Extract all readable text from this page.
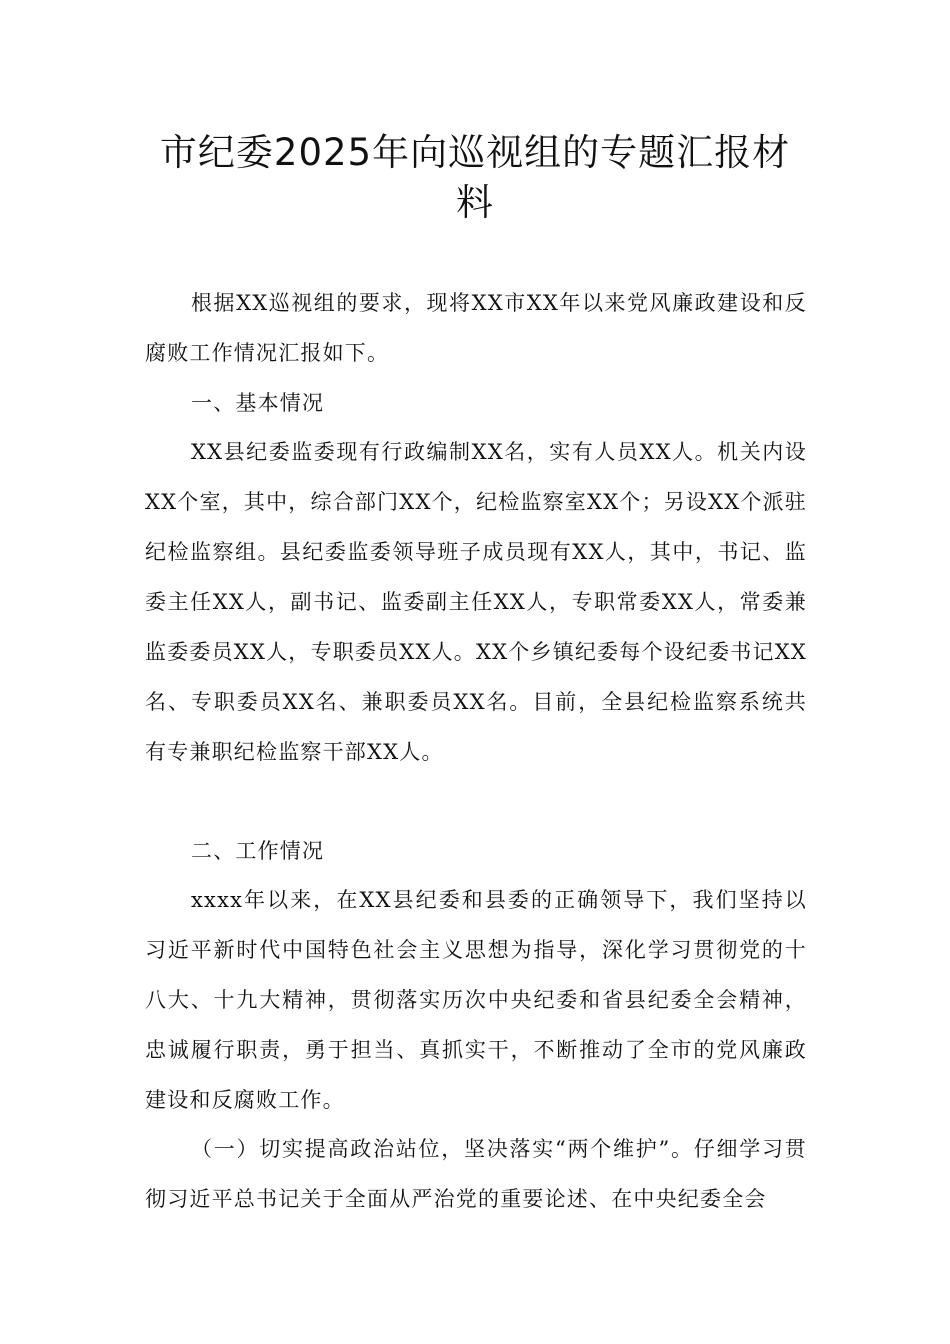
市纪委2025年向巡视组的专题汇报材料

根据XX巡视组的要求，现将XX市XX年以来党风廉政建设和反腐败工作情况汇报如下。

一、基本情况

XX县纪委监委现有行政编制XX名，实有人员XX人。机关内设XX个室，其中，综合部门XX个，纪检监察室XX个；另设XX个派驻纪检监察组。县纪委监委领导班子成员现有XX人，其中，书记、监委主任XX人，副书记、监委副主任XX人，专职常委XX人，常委兼监委委员XX人，专职委员XX人。XX个乡镇纪委每个设纪委书记XX名、专职委员XX名、兼职委员XX名。目前，全县纪检监察系统共有专兼职纪检监察干部XX人。

二、工作情况

xxxx年以来，在XX县纪委和县委的正确领导下，我们坚持以习近平新时代中国特色社会主义思想为指导，深化学习贯彻党的十八大、十九大精神，贯彻落实历次中央纪委和省县纪委全会精神，忠诚履行职责，勇于担当、真抓实干，不断推动了全市的党风廉政建设和反腐败工作。

（一）切实提高政治站位，坚决落实“两个维护”。仔细学习贯彻习近平总书记关于全面从严治党的重要论述、在中央纪委全会
